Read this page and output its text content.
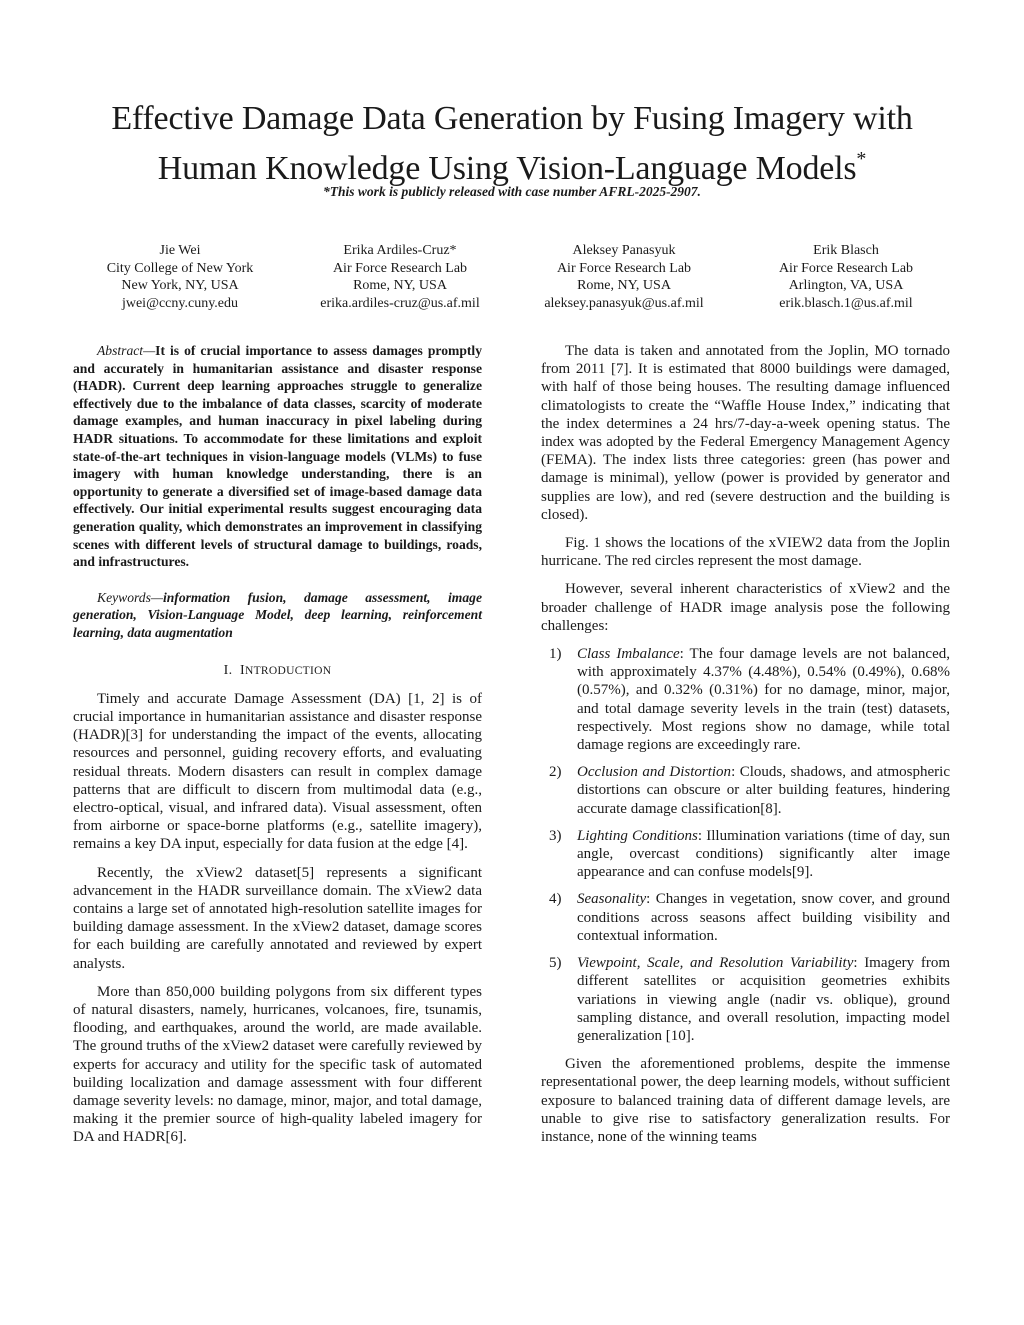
Effective Damage Data Generation by Fusing Imagery with
Human Knowledge Using Vision-Language Models*
*This work is publicly released with case number AFRL-2025-2907.
Jie Wei
City College of New York
New York, NY, USA
jwei@ccny.cuny.edu
Erika Ardiles-Cruz*
Air Force Research Lab
Rome, NY, USA
erika.ardiles-cruz@us.af.mil
Aleksey Panasyuk
Air Force Research Lab
Rome, NY, USA
aleksey.panasyuk@us.af.mil
Erik Blasch
Air Force Research Lab
Arlington, VA, USA
erik.blasch.1@us.af.mil

Abstract—It is of crucial importance to assess damages promptly and accurately in humanitarian assistance and disaster response (HADR). Current deep learning approaches struggle to generalize effectively due to the imbalance of data classes, scarcity of moderate damage examples, and human inaccuracy in pixel labeling during HADR situations. To accommodate for these limitations and exploit state-of-the-art techniques in vision-language models (VLMs) to fuse imagery with human knowledge understanding, there is an opportunity to generate a diversified set of image-based damage data effectively. Our initial experimental results suggest encouraging data generation quality, which demonstrates an improvement in classifying scenes with different levels of structural damage to buildings, roads, and infrastructures.

Keywords—information fusion, damage assessment, image generation, Vision-Language Model, deep learning, reinforcement learning, data augmentation

I. INTRODUCTION

Timely and accurate Damage Assessment (DA) [1, 2] is of crucial importance in humanitarian assistance and disaster response (HADR)[3] for understanding the impact of the events, allocating resources and personnel, guiding recovery efforts, and evaluating residual threats. Modern disasters can result in complex damage patterns that are difficult to discern from multimodal data (e.g., electro-optical, visual, and infrared data). Visual assessment, often from airborne or space-borne platforms (e.g., satellite imagery), remains a key DA input, especially for data fusion at the edge [4].

Recently, the xView2 dataset[5] represents a significant advancement in the HADR surveillance domain. The xView2 data contains a large set of annotated high-resolution satellite images for building damage assessment. In the xView2 dataset, damage scores for each building are carefully annotated and reviewed by expert analysts.

More than 850,000 building polygons from six different types of natural disasters, namely, hurricanes, volcanoes, fire, tsunamis, flooding, and earthquakes, around the world, are made available. The ground truths of the xView2 dataset were carefully reviewed by experts for accuracy and utility for the specific task of automated building localization and damage assessment with four different damage severity levels: no damage, minor, major, and total damage, making it the premier source of high-quality labeled imagery for DA and HADR[6].

The data is taken and annotated from the Joplin, MO tornado from 2011 [7]. It is estimated that 8000 buildings were damaged, with half of those being houses. The resulting damage influenced climatologists to create the “Waffle House Index,” indicating that the index determines a 24 hrs/7-day-a-week opening status. The index was adopted by the Federal Emergency Management Agency (FEMA). The index lists three categories: green (has power and damage is minimal), yellow (power is provided by generator and supplies are low), and red (severe destruction and the building is closed).

Fig. 1 shows the locations of the xVIEW2 data from the Joplin hurricane. The red circles represent the most damage.

However, several inherent characteristics of xView2 and the broader challenge of HADR image analysis pose the following challenges:

1) Class Imbalance: The four damage levels are not balanced, with approximately 4.37% (4.48%), 0.54% (0.49%), 0.68% (0.57%), and 0.32% (0.31%) for no damage, minor, major, and total damage severity levels in the train (test) datasets, respectively. Most regions show no damage, while total damage regions are exceedingly rare.
2) Occlusion and Distortion: Clouds, shadows, and atmospheric distortions can obscure or alter building features, hindering accurate damage classification[8].
3) Lighting Conditions: Illumination variations (time of day, sun angle, overcast conditions) significantly alter image appearance and can confuse models[9].
4) Seasonality: Changes in vegetation, snow cover, and ground conditions across seasons affect building visibility and contextual information.
5) Viewpoint, Scale, and Resolution Variability: Imagery from different satellites or acquisition geometries exhibits variations in viewing angle (nadir vs. oblique), ground sampling distance, and overall resolution, impacting model generalization [10].

Given the aforementioned problems, despite the immense representational power, the deep learning models, without sufficient exposure to balanced training data of different damage levels, are unable to give rise to satisfactory generalization results. For instance, none of the winning teams
